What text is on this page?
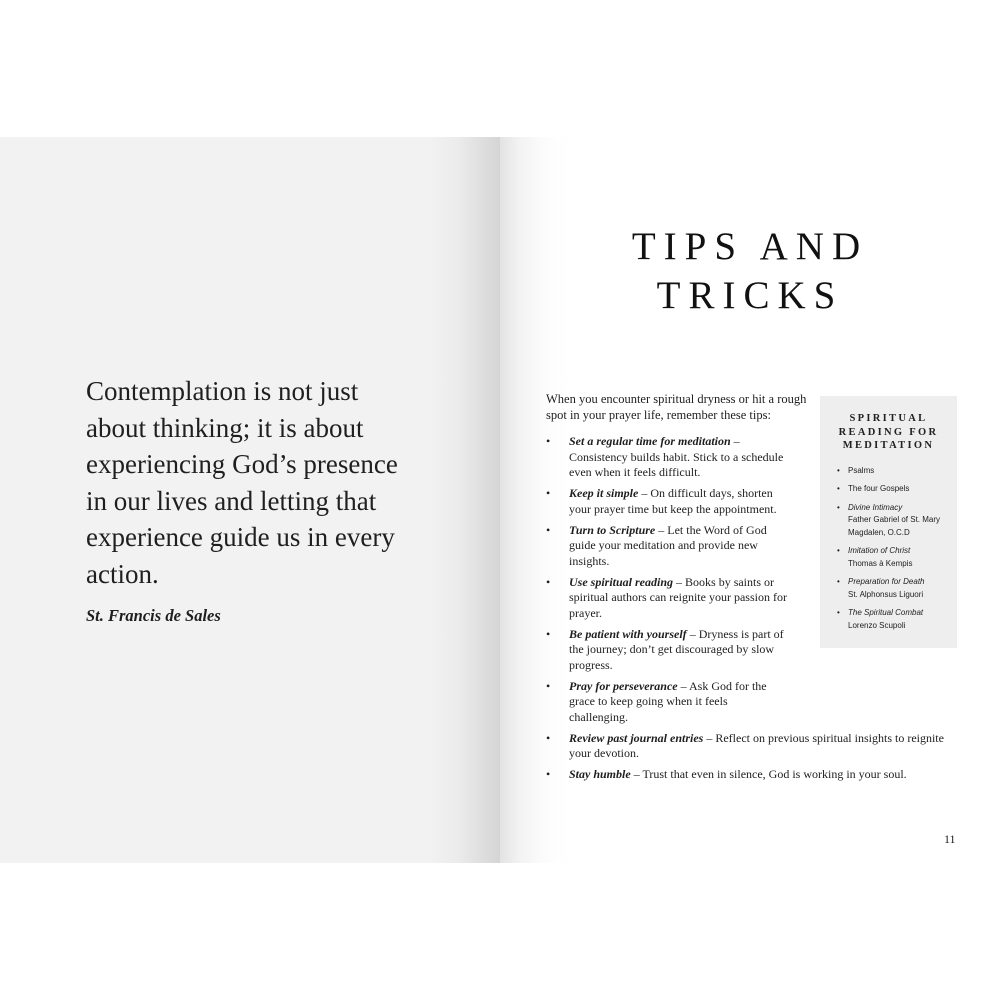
Contemplation is not just about thinking; it is about experiencing God’s presence in our lives and letting that experience guide us in every action.

St. Francis de Sales

TIPS AND
TRICKS

When you encounter spiritual dryness or hit a rough spot in your prayer life, remember these tips:

• Set a regular time for meditation – Consistency builds habit. Stick to a schedule even when it feels difficult.
• Keep it simple – On difficult days, shorten your prayer time but keep the appointment.
• Turn to Scripture – Let the Word of God guide your meditation and provide new insights.
• Use spiritual reading – Books by saints or spiritual authors can reignite your passion for prayer.
• Be patient with yourself – Dryness is part of the journey; don’t get discouraged by slow progress.
• Pray for perseverance – Ask God for the grace to keep going when it feels challenging.
• Review past journal entries – Reflect on previous spiritual insights to reignite your devotion.
• Stay humble – Trust that even in silence, God is working in your soul.

SPIRITUAL
READING FOR
MEDITATION

• Psalms
• The four Gospels
• Divine Intimacy
Father Gabriel of St. Mary Magdalen, O.C.D
• Imitation of Christ
Thomas à Kempis
• Preparation for Death
St. Alphonsus Liguori
• The Spiritual Combat
Lorenzo Scupoli

11
